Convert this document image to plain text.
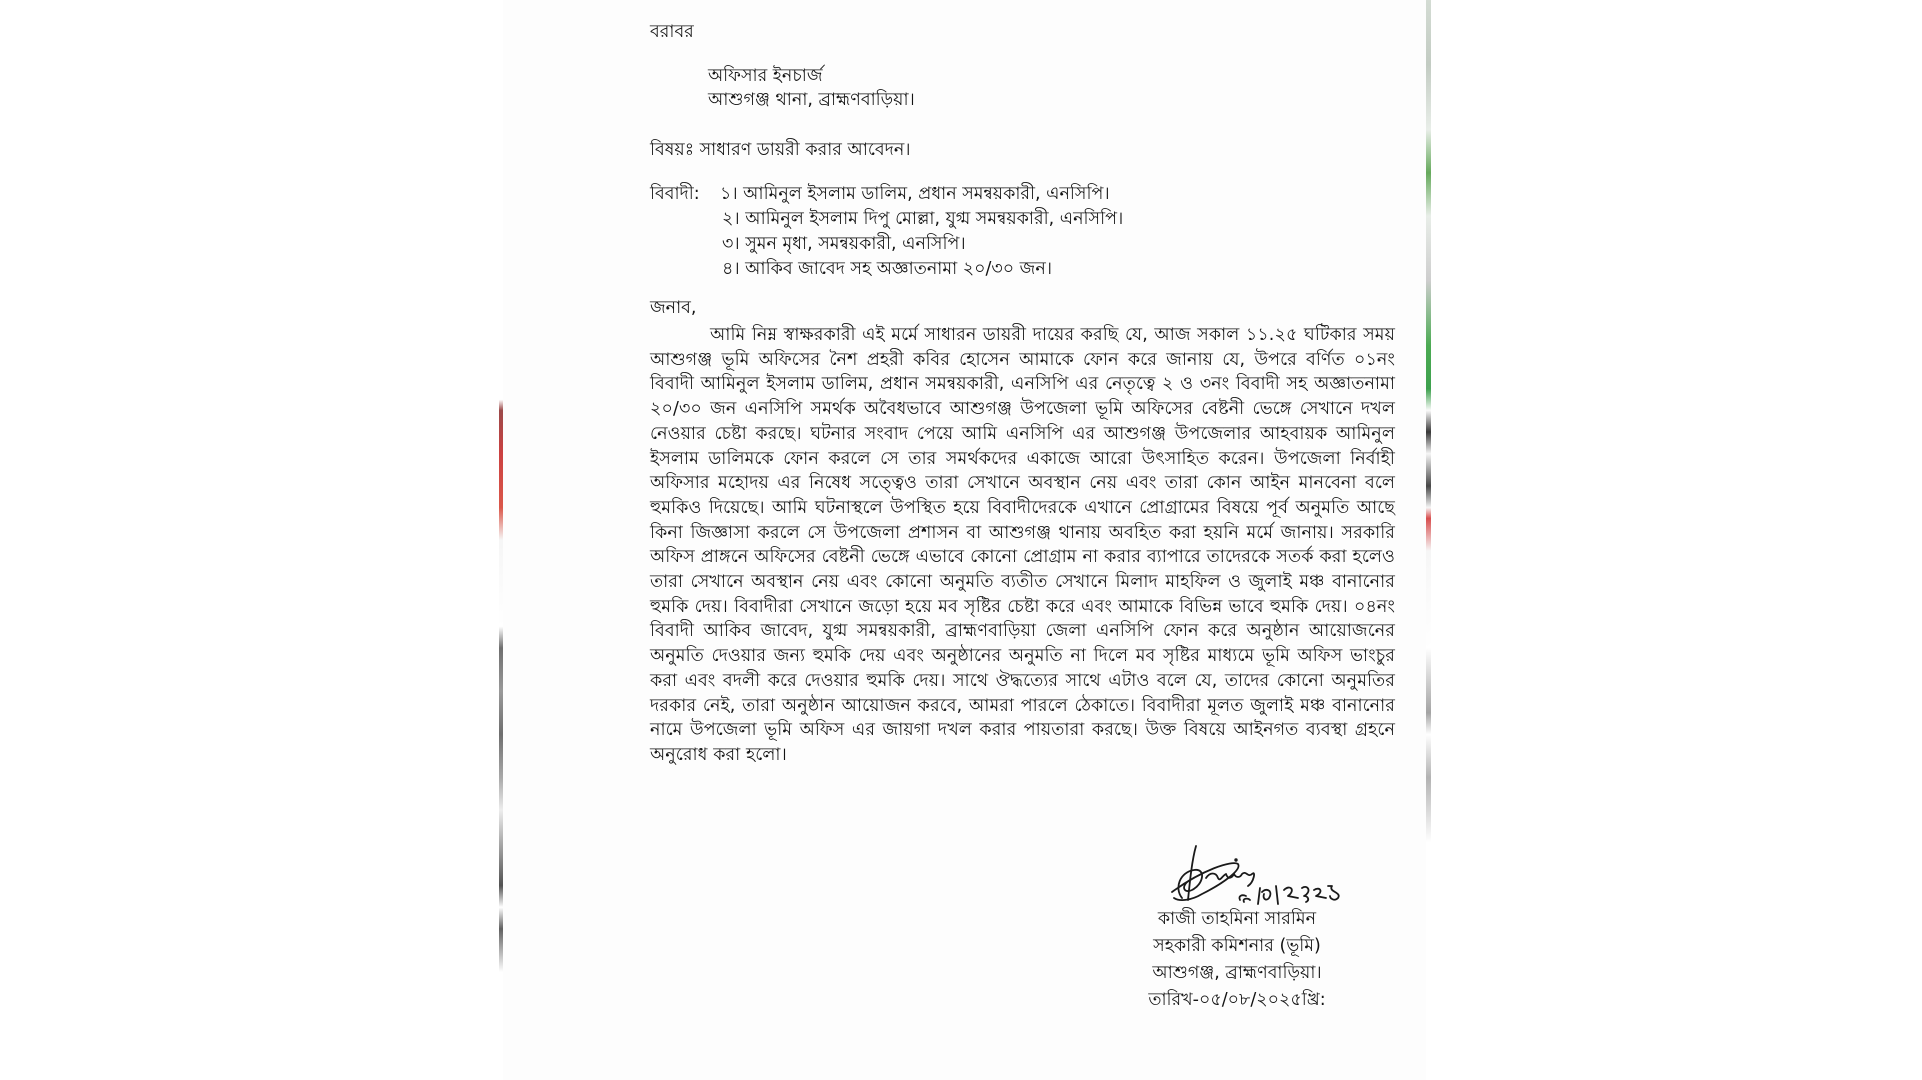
বরাবর
অফিসার ইনচার্জ
আশুগঞ্জ থানা, ব্রাহ্মণবাড়িয়া।
বিষয়ঃ সাধারণ ডায়রী করার আবেদন।
বিবাদী:	১। আমিনুল ইসলাম ডালিম, প্রধান সমন্বয়কারী, এনসিপি।
২। আমিনুল ইসলাম দিপু মোল্লা, যুগ্ম সমন্বয়কারী, এনসিপি।
৩। সুমন মৃধা, সমন্বয়কারী, এনসিপি।
৪। আকিব জাবেদ সহ অজ্ঞাতনামা ২০/৩০ জন।
জনাব,
আমি নিম্ন স্বাক্ষরকারী এই মর্মে সাধারন ডায়রী দায়ের করছি যে, আজ সকাল ১১.২৫ ঘটিকার সময় আশুগঞ্জ ভূমি অফিসের নৈশ প্রহরী কবির হোসেন আমাকে ফোন করে জানায় যে, উপরে বর্ণিত ০১নং বিবাদী আমিনুল ইসলাম ডালিম, প্রধান সমন্বয়কারী, এনসিপি এর নেতৃত্বে ২ ও ৩নং বিবাদী সহ অজ্ঞাতনামা ২০/৩০ জন এনসিপি সমর্থক অবৈধভাবে আশুগঞ্জ উপজেলা ভূমি অফিসের বেষ্টনী ভেঙ্গে সেখানে দখল নেওয়ার চেষ্টা করছে। ঘটনার সংবাদ পেয়ে আমি এনসিপি এর আশুগঞ্জ উপজেলার আহবায়ক আমিনুল ইসলাম ডালিমকে ফোন করলে সে তার সমর্থকদের একাজে আরো উৎসাহিত করেন। উপজেলা নির্বাহী অফিসার মহোদয় এর নিষেধ সত্ত্বেও তারা সেখানে অবস্থান নেয় এবং তারা কোন আইন মানবেনা বলে হুমকিও দিয়েছে। আমি ঘটনাস্থলে উপস্থিত হয়ে বিবাদীদেরকে এখানে প্রোগ্রামের বিষয়ে পূর্ব অনুমতি আছে কিনা জিজ্ঞাসা করলে সে উপজেলা প্রশাসন বা আশুগঞ্জ থানায় অবহিত করা হয়নি মর্মে জানায়। সরকারি অফিস প্রাঙ্গনে অফিসের বেষ্টনী ভেঙ্গে এভাবে কোনো প্রোগ্রাম না করার ব্যাপারে তাদেরকে সতর্ক করা হলেও তারা সেখানে অবস্থান নেয় এবং কোনো অনুমতি ব্যতীত সেখানে মিলাদ মাহফিল ও জুলাই মঞ্চ বানানোর হুমকি দেয়। বিবাদীরা সেখানে জড়ো হয়ে মব সৃষ্টির চেষ্টা করে এবং আমাকে বিভিন্ন ভাবে হুমকি দেয়। ০৪নং বিবাদী আকিব জাবেদ, যুগ্ম সমন্বয়কারী, ব্রাহ্মণবাড়িয়া জেলা এনসিপি ফোন করে অনুষ্ঠান আয়োজনের অনুমতি দেওয়ার জন্য হুমকি দেয় এবং অনুষ্ঠানের অনুমতি না দিলে মব সৃষ্টির মাধ্যমে ভূমি অফিস ভাংচুর করা এবং বদলী করে দেওয়ার হুমকি দেয়। সাথে ঔদ্ধত্যের সাথে এটাও বলে যে, তাদের কোনো অনুমতির দরকার নেই, তারা অনুষ্ঠান আয়োজন করবে, আমরা পারলে ঠেকাতে। বিবাদীরা মূলত জুলাই মঞ্চ বানানোর নামে উপজেলা ভূমি অফিস এর জায়গা দখল করার পায়তারা করছে। উক্ত বিষয়ে আইনগত ব্যবস্থা গ্রহনে অনুরোধ করা হলো।
কাজী তাহমিনা সারমিন
সহকারী কমিশনার (ভূমি)
আশুগঞ্জ, ব্রাহ্মণবাড়িয়া।
তারিখ-০৫/০৮/২০২৫খ্রি:
